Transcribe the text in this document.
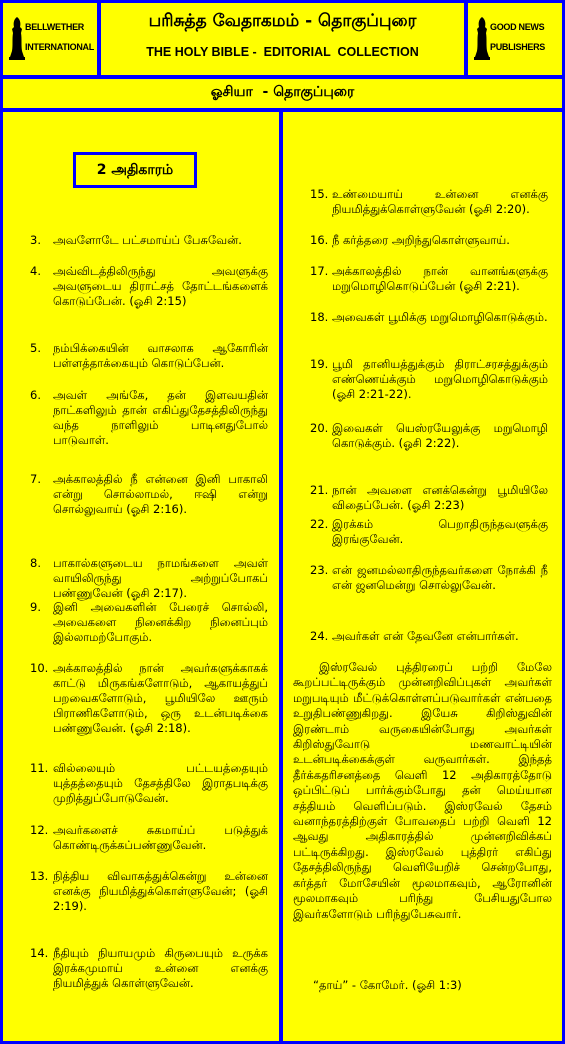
BELLWETHER
INTERNATIONAL
பரிசுத்த வேதாகமம் - தொகுப்புரை
THE HOLY BIBLE -  EDITORIAL  COLLECTION
GOOD NEWS
PUBLISHERS
ஓசியா  - தொகுப்புரை
2 அதிகாரம்
3. அவளோடே பட்சமாய்ப் பேசுவேன்.
4. அவ்விடத்திலிருந்து அவளுக்கு அவளுடைய திராட்சத் தோட்டங்களைக் கொடுப்பேன். (ஓசி 2:15)
5. நம்பிக்கையின் வாசலாக ஆகோரின் பள்ளத்தாக்கையும் கொடுப்பேன்.
6. அவள் அங்கே, தன் இளவயதின் நாட்களிலும் தான் எகிப்துதேசத்திலிருந்து வந்த நாளிலும் பாடினதுபோல் பாடுவாள்.
7. அக்காலத்தில் நீ என்னை இனி பாகாலி என்று சொல்லாமல், ஈஷி என்று சொல்லுவாய் (ஓசி 2:16).
8. பாகால்களுடைய நாமங்களை அவள் வாயிலிருந்து அற்றுப்போகப் பண்ணுவேன் (ஓசி 2:17).
9. இனி அவைகளின் பேரைச் சொல்லி, அவைகளை நினைக்கிற நினைப்பும் இல்லாமற்போகும்.
10. அக்காலத்தில் நான் அவர்களுக்காகக் காட்டு மிருகங்களோடும், ஆகாயத்துப் பறவைகளோடும், பூமியிலே ஊரும் பிராணிகளோடும், ஒரு உடன்படிக்கை பண்ணுவேன். (ஓசி 2:18).
11. வில்லையும் பட்டயத்தையும் யுத்தத்தையும் தேசத்திலே இராதபடிக்கு முறித்துப்போடுவேன்.
12. அவர்களைச் சுகமாய்ப் படுத்துக் கொண்டிருக்கப்பண்ணுவேன்.
13. நித்திய விவாகத்துக்கென்று உன்னை எனக்கு நியமித்துக்கொள்ளுவேன்; (ஓசி 2:19).
14. நீதியும் நியாயமும் கிருபையும் உருக்க இரக்கமுமாய் உன்னை எனக்கு நியமித்துக் கொள்ளுவேன்.
15. உண்மையாய் உன்னை எனக்கு நியமித்துக்கொள்ளுவேன் (ஓசி 2:20).
16. நீ கர்த்தரை அறிந்துகொள்ளுவாய்.
17. அக்காலத்தில் நான் வானங்களுக்கு மறுமொழிகொடுப்பேன் (ஓசி 2:21).
18. அவைகள் பூமிக்கு மறுமொழிகொடுக்கும்.
19. பூமி தானியத்துக்கும் திராட்சரசத்துக்கும் எண்ணெய்க்கும் மறுமொழிகொடுக்கும் (ஓசி 2:21-22).
20. இவைகள் யெஸ்ரயேலுக்கு மறுமொழி கொடுக்கும். (ஓசி 2:22).
21. நான் அவளை எனக்கென்று பூமியிலே விதைப்பேன். (ஓசி 2:23)
22. இரக்கம் பெறாதிருந்தவளுக்கு இரங்குவேன்.
23. என் ஜனமல்லாதிருந்தவர்களை நோக்கி நீ என் ஜனமென்று சொல்லுவேன்.
24. அவர்கள் என் தேவனே என்பார்கள்.
இஸ்ரவேல் புத்திரரைப் பற்றி மேலே கூறப்பட்டிருக்கும் முன்னறிவிப்புகள் அவர்கள் மறுபடியும் மீட்டுக்கொள்ளப்படுவார்கள் என்பதை உறுதிபண்ணுகிறது. இயேசு கிறிஸ்துவின் இரண்டாம் வருகையின்போது அவர்கள் கிறிஸ்துவோடு மணவாட்டியின் உடன்படிக்கைக்குள் வருவார்கள். இந்தத் தீர்க்கதரிசனத்தை வெளி 12 அதிகாரத்தோடு ஒப்பிட்டுப் பார்க்கும்போது தன் மெய்யான சத்தியம் வெளிப்படும். இஸ்ரவேல் தேசம் வனாந்தரத்திற்குள் போவதைப் பற்றி வெளி 12 ஆவது அதிகாரத்தில் முன்னறிவிக்கப் பட்டிருக்கிறது. இஸ்ரவேல் புத்திரர் எகிப்து தேசத்திலிருந்து வெளியேறிச் சென்றபோது, கர்த்தர் மோசேயின் மூலமாகவும், ஆரோனின் மூலமாகவும் பரிந்து பேசியதுபோல இவர்களோடும் பரிந்துபேசுவார்.
“தாய்” - கோமேர். (ஓசி 1:3)
